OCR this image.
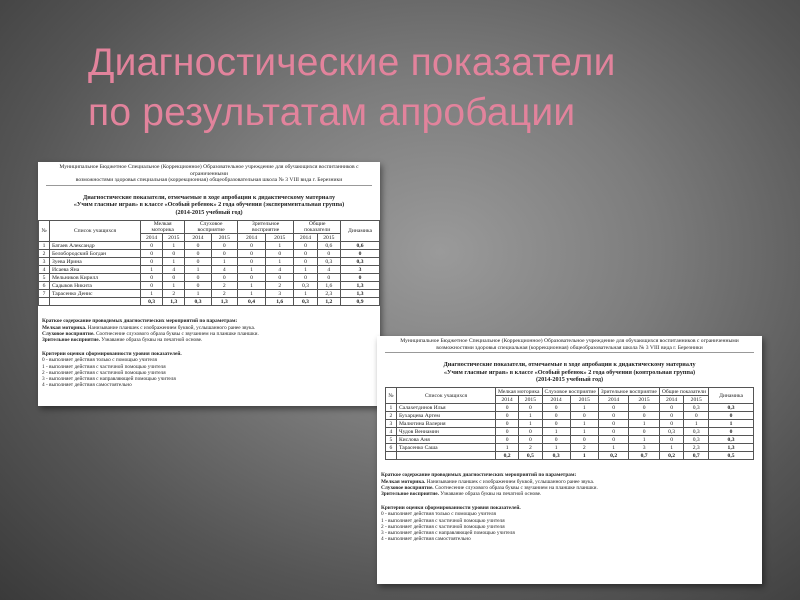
Диагностические показатели
по результатам апробации
Муниципальное Бюджетное Специальное (Коррекционное) Образовательное учреждение для обучающихся воспитанников с ограниченными
возможностями здоровья специальная (коррекционная) общеобразовательная школа № 3 VIII вида г. Березники
Диагностические показатели, отмечаемые в ходе апробации к дидактическому материалу
«Учим гласные играя» в классе «Особый ребенок» 2 года обучения (экспериментальная группа)
(2014-2015 учебный год)
№	Список учащихся	Мелкая моторика		Слуховое восприятие		Зрительное восприятие		Общие показатели		Динамика
		2014	2015	2014	2015	2014	2015	2014	2015	
1	Батаев Александр	0	1	0	0	0	1	0	0,6	0,6
2	Белобородский Богдан	0	0	0	0	0	0	0	0	0
3	Зуева Ирина	0	1	0	1	0	1	0	0,3	0,3
4	Исаева Яна	1	4	1	4	1	4	1	4	3
5	Мельников Кирилл	0	0	0	0	0	0	0	0	0
6	Садыков Никита	0	1	0	2	1	2	0,3	1,6	1,3
7	Тарасенко Денис	1	2	1	2	1	3	1	2,3	1,3
		0,3	1,3	0,3	1,3	0,4	1,6	0,3	1,2	0,9
Краткое содержание проводимых диагностических мероприятий по параметрам:
Мелкая моторика. Нанизывание планшек с изображением буквой, услышанного ранее звука.
Слуховое восприятие. Соотнесение слухового образа буквы с звучанием на планшке планшки.
Зрительное восприятие. Узнавание образа буквы на печатной основе.
Критерии оценки сформированности уровня показателей.
0 - выполняет действия только с помощью учителя
1 - выполняет действия с частичной помощью учителя
2 - выполняет действия с частичной помощью учителя
3 - выполняет действия с направляющей помощью учителя
4 - выполняет действия самостоятельно
Муниципальное Бюджетное Специальное (Коррекционное) Образовательное учреждение для обучающихся воспитанников с ограниченными
возможностями здоровья специальная (коррекционная) общеобразовательная школа № 3 VIII вида г. Березники
Диагностические показатели, отмечаемые в ходе апробации к дидактическому материалу
«Учим гласные играя» в классе «Особый ребенок» 2 года обучения (контрольная группа)
(2014-2015 учебный год)
№	Список учащихся	Мелкая моторика		Слуховое восприятие		Зрительное восприятие		Общие показатели		Динамика
		2014	2015	2014	2015	2014	2015	2014	2015	
1	Салахетдинов Илья	0	0	0	1	0	0	0	0,3	0,3
2	Бухарцева Артем	0	1	0	0	0	0	0	0	0
3	Малютина Валерия	0	1	0	1	0	1	0	1	1
4	Чудов Вениамин	0	0	1	1	0	0	0,3	0,3	0
5	Кислова Аня	0	0	0	0	0	1	0	0,3	0,3
6	Тарасенко Саша	1	2	1	2	1	3	1	2,3	1,3
		0,2	0,5	0,3	1	0,2	0,7	0,2	0,7	0,5
Краткое содержание проводимых диагностических мероприятий по параметрам:
Мелкая моторика. Нанизывание планшек с изображением буквой, услышанного ранее звука.
Слуховое восприятие. Соотнесение слухового образа буквы с звучанием на планшке планшки.
Зрительное восприятие. Узнавание образа буквы на печатной основе.
Критерии оценки сформированности уровня показателей.
0 - выполняет действия только с помощью учителя
1 - выполняет действия с частичной помощью учителя
2 - выполняет действия с частичной помощью учителя
3 - выполняет действия с направляющей помощью учителя
4 - выполняет действия самостоятельно
